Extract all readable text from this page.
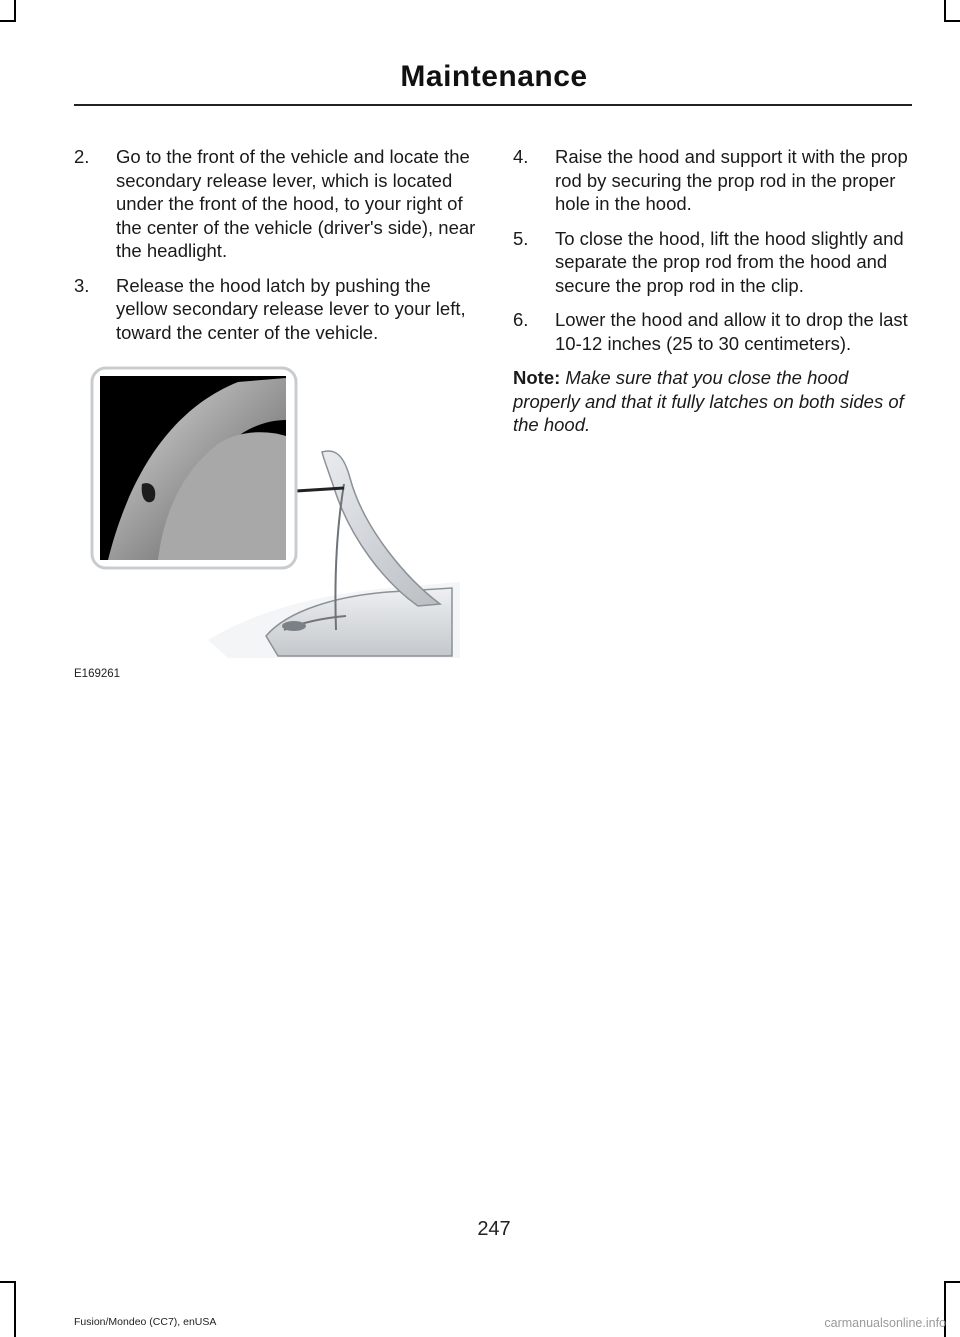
Maintenance
2.	Go to the front of the vehicle and locate the secondary release lever, which is located under the front of the hood, to your right of the center of the vehicle (driver's side), near the headlight.
3.	Release the hood latch by pushing the yellow secondary release lever to your left, toward the center of the vehicle.
4.	Raise the hood and support it with the prop rod by securing the prop rod in the proper hole in the hood.
5.	To close the hood, lift the hood slightly and separate the prop rod from the hood and secure the prop rod in the clip.
6.	Lower the hood and allow it to drop the last 10-12 inches (25 to 30 centimeters).
Note: Make sure that you close the hood properly and that it fully latches on both sides of the hood.
E169261
247
Fusion/Mondeo (CC7), enUSA	carmanualsonline.info
